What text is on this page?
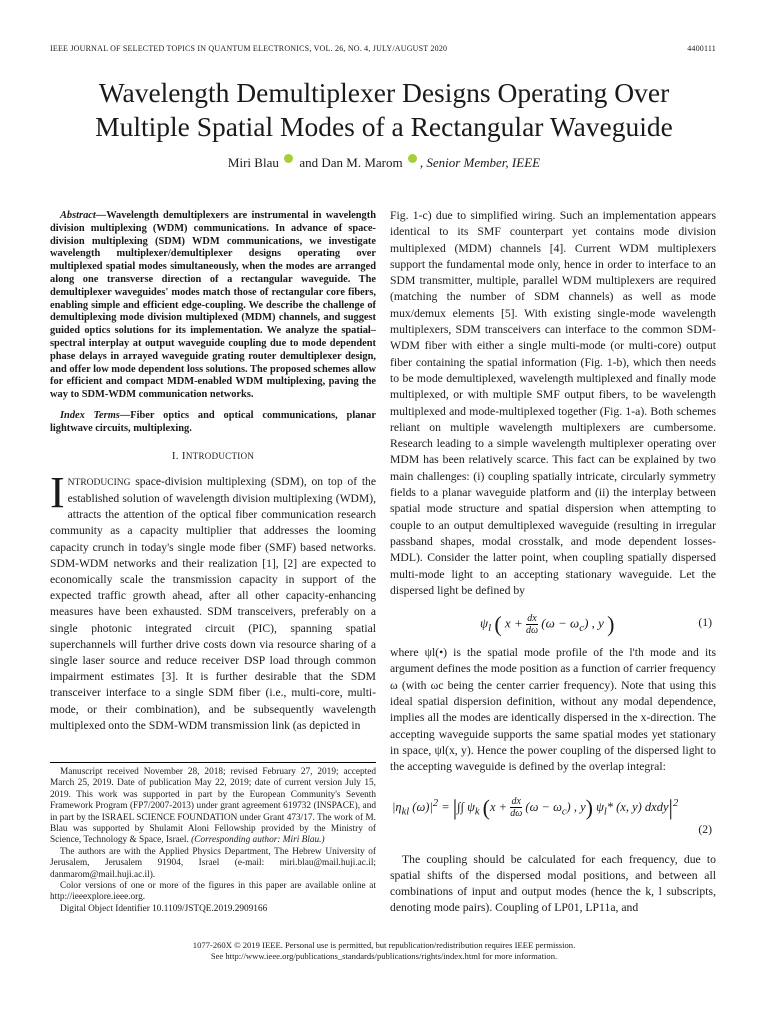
IEEE JOURNAL OF SELECTED TOPICS IN QUANTUM ELECTRONICS, VOL. 26, NO. 4, JULY/AUGUST 2020	4400111
Wavelength Demultiplexer Designs Operating Over
Multiple Spatial Modes of a Rectangular Waveguide
Miri Blau and Dan M. Marom , Senior Member, IEEE

Abstract—Wavelength demultiplexers are instrumental in wavelength division multiplexing (WDM) communications. In advance of space-division multiplexing (SDM) WDM communications, we investigate wavelength multiplexer/demultiplexer designs operating over multiplexed spatial modes simultaneously, when the modes are arranged along one transverse direction of a rectangular waveguide. The demultiplexer waveguides' modes match those of rectangular core fibers, enabling simple and efficient edge-coupling. We describe the challenge of demultiplexing mode division multiplexed (MDM) channels, and suggest guided optics solutions for its implementation. We analyze the spatial–spectral interplay at output waveguide coupling due to mode dependent phase delays in arrayed waveguide grating router demultiplexer design, and offer low mode dependent loss solutions. The proposed schemes allow for efficient and compact MDM-enabled WDM multiplexing, paving the way to SDM-WDM communication networks.

Index Terms—Fiber optics and optical communications, planar lightwave circuits, multiplexing.

I. INTRODUCTION

INTRODUCING space-division multiplexing (SDM), on top of the established solution of wavelength division multiplexing (WDM), attracts the attention of the optical fiber communication research community as a capacity multiplier that addresses the looming capacity crunch in today's single mode fiber (SMF) based networks. SDM-WDM networks and their realization [1], [2] are expected to economically scale the transmission capacity in support of the expected traffic growth ahead, after all other capacity-enhancing measures have been exhausted. SDM transceivers, preferably on a single photonic integrated circuit (PIC), spanning spatial superchannels will further drive costs down via resource sharing of a single laser source and reduce receiver DSP load through common impairment estimates [3]. It is further desirable that the SDM transceiver interface to a single SDM fiber (i.e., multi-core, multi-mode, or their combination), and be subsequently wavelength multiplexed onto the SDM-WDM transmission link (as depicted in

Manuscript received November 28, 2018; revised February 27, 2019; accepted March 25, 2019. Date of publication May 22, 2019; date of current version July 15, 2019. This work was supported in part by the European Community's Seventh Framework Program (FP7/2007-2013) under grant agreement 619732 (INSPACE), and in part by the ISRAEL SCIENCE FOUNDATION under Grant 473/17. The work of M. Blau was supported by Shulamit Aloni Fellowship provided by the Ministry of Science, Technology & Space, Israel. (Corresponding author: Miri Blau.)

The authors are with the Applied Physics Department, The Hebrew University of Jerusalem, Jerusalem 91904, Israel (e-mail: miri.blau@mail.huji.ac.il; danmarom@mail.huji.ac.il).

Color versions of one or more of the figures in this paper are available online at http://ieeexplore.ieee.org.

Digital Object Identifier 10.1109/JSTQE.2019.2909166

Fig. 1-c) due to simplified wiring. Such an implementation appears identical to its SMF counterpart yet contains mode division multiplexed (MDM) channels [4]. Current WDM multiplexers support the fundamental mode only, hence in order to interface to an SDM transmitter, multiple, parallel WDM multiplexers are required (matching the number of SDM channels) as well as mode mux/demux elements [5]. With existing single-mode wavelength multiplexers, SDM transceivers can interface to the common SDM-WDM fiber with either a single multi-mode (or multi-core) output fiber containing the spatial information (Fig. 1-b), which then needs to be mode demultiplexed, wavelength multiplexed and finally mode multiplexed, or with multiple SMF output fibers, to be wavelength multiplexed and mode-multiplexed together (Fig. 1-a). Both schemes reliant on multiple wavelength multiplexers are cumbersome. Research leading to a simple wavelength multiplexer operating over MDM has been relatively scarce. This fact can be explained by two main challenges: (i) coupling spatially intricate, circularly symmetry fields to a planar waveguide platform and (ii) the interplay between spatial mode structure and spatial dispersion when attempting to couple to an output demultiplexed waveguide (resulting in irregular passband shapes, modal crosstalk, and mode dependent losses-MDL). Consider the latter point, when coupling spatially dispersed multi-mode light to an accepting stationary waveguide. Let the dispersed light be defined by

$\psi_l$ ( $x + \frac{dx}{d\omega} (\omega - \omega_c)$ , y )	(1)

where ψl(•) is the spatial mode profile of the l'th mode and its argument defines the mode position as a function of carrier frequency ω (with ωc being the center carrier frequency). Note that using this ideal spatial dispersion definition, without any modal dependence, implies all the modes are identically dispersed in the x-direction. The accepting waveguide supports the same spatial modes yet stationary in space, ψl(x, y). Hence the power coupling of the dispersed light to the accepting waveguide is defined by the overlap integral:

$|\eta_{kl}$ $(\omega)|^2$ = |∫∫ $\psi_k$ ($x + \frac{dx}{d\omega} (\omega - \omega_c)$ , y) $\psi_l*$ (x, y) $dxdy|^2$
(2)

The coupling should be calculated for each frequency, due to spatial shifts of the dispersed modal positions, and between all combinations of input and output modes (hence the k, l subscripts, denoting mode pairs). Coupling of LP01, LP11a, and

1077-260X © 2019 IEEE. Personal use is permitted, but republication/redistribution requires IEEE permission.
See http://www.ieee.org/publications_standards/publications/rights/index.html for more information.
